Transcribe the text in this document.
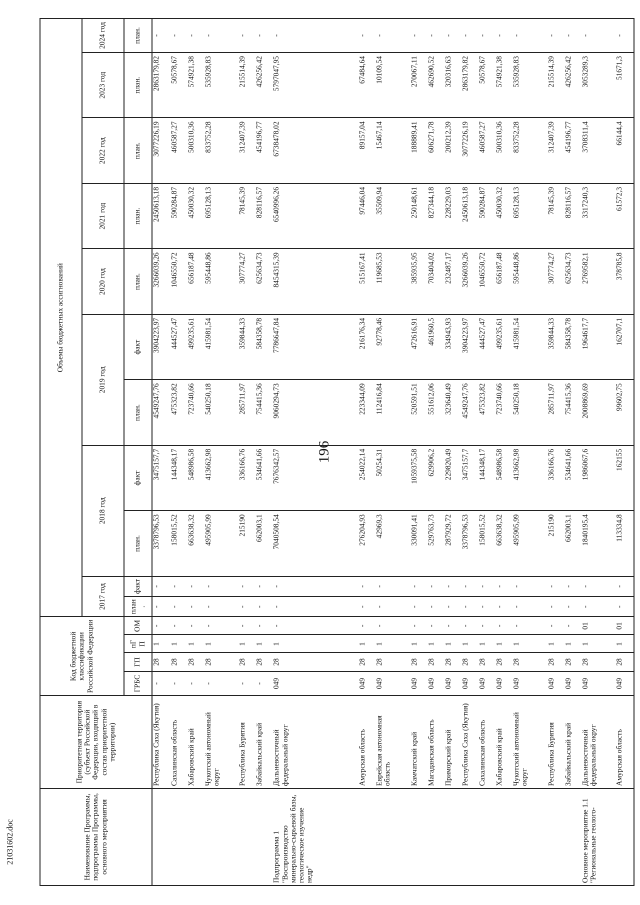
196
21031602.doc	Наименование Программы, подпрограммы Программы, основного мероприятия	Приоритетная территория (субъект Российской Федерации, входящий в состав приоритетной территории)	Код бюджетной классификации Российской Федерации				Объемы бюджетных ассигнований										
						2017 год		2018 год		2019 год		2020 год	2021 год	2022 год	2023 год	2024 год
		ГРБС	ГП	пГП	ОМ	план.	факт	план.	факт	план.	факт	план.	план.	план.	план.	план.
	Республика Саха (Якутия)	-	28	1	-	-	-	3378796,53	3475157,7	4549247,76	3904223,97	3266039,26	2450613,18	3077226,19	2863179,82	-
	Сахалинская область	-	28	1	-	-	-	158015,52	144348,17	475323,82	444527,47	1046550,72	590284,87	460587,27	50578,67	-
	Хабаровский край	-	28	1	-	-	-	663638,32	548986,58	723740,66	499235,61	656187,48	450030,32	500310,36	574921,38	-
	Чукотский автономный округ	-	28	1	-	-	-	495905,99	413662,98	540250,18	415981,54	595448,86	695128,13	833752,28	535928,83	-
	Республика Бурятия	-	28	1	-	-	-	215190	336166,76	285711,97	359844,33	307774,27	78145,39	312407,39	215514,39	-
	Забайкальский край	-	28	1	-	-	-	662003,1	534641,66	754415,36	584358,78	625634,73	828116,57	454196,77	426256,42	-
Подпрограмма 1 "Воспроизводство минерально-сырьевой базы, геологическое изучение недр"	Дальневосточный федеральный округ	049	28	1	-	-	-	7040508,54	7676342,57	9060294,73	7786647,84	8454315,39	6540996,26	6738478,02	5797047,95	-
	Амурская область	049	28	1	-	-	-	276204,93	254022,14	223344,09	216176,34	515167,41	97446,04	89157,04	67484,64	-
	Еврейская автономная область	049	28	1	-	-	-	42969,3	50254,31	112416,84	92778,46	119685,53	35509,94	15467,14	10109,54	-
	Камчатский край	049	28	1	-	-	-	330091,41	1059375,58	520591,51	472616,91	385935,95	250148,61	188889,41	270067,11	-
	Магаданская область	049	28	1	-	-	-	529763,73	629906,2	551612,06	461960,5	703404,02	827344,18	606271,78	462690,52	-
	Приморский край	049	28	1	-	-	-	287929,72	229820,49	323640,49	334943,93	232487,17	228229,03	200212,39	320316,63	-
	Республика Саха (Якутия)	049	28	1	-	-	-	3378796,53	3475157,7	4549247,76	3904223,97	3266039,26	2450613,18	3077226,19	2863179,82	-
	Сахалинская область	049	28	1	-	-	-	158015,52	144348,17	475323,82	444527,47	1046550,72	590284,87	460587,27	50578,67	-
	Хабаровский край	049	28	1	-	-	-	663638,32	548986,58	723740,66	499235,61	656187,48	450030,32	500310,36	574921,38	-
	Чукотский автономный округ	049	28	1	-	-	-	495905,99	413662,98	540250,18	415981,54	595448,86	695128,13	833752,28	535928,83	-
	Республика Бурятия	049	28	1	-	-	-	215190	336166,76	285711,97	359844,33	307774,27	78145,39	312407,39	215514,39	-
	Забайкальский край	049	28	1	-	-	-	662003,1	534641,66	754415,36	584358,78	625634,73	828116,57	454196,77	426256,42	-
Основное мероприятие 1.1 "Региональные геолого-	Дальневосточный федеральный округ	049	28	1	01	-	-	1840195,4	1986067,6	2008869,69	1964617,7	2769582,1	3317240,3	3708311,4	3053289,3	-
	Амурская область	049	28	1	01	-	-	113334,8	162155	99602,75	162707,1	378785,8	61572,3	66144,4	51671,3	-
